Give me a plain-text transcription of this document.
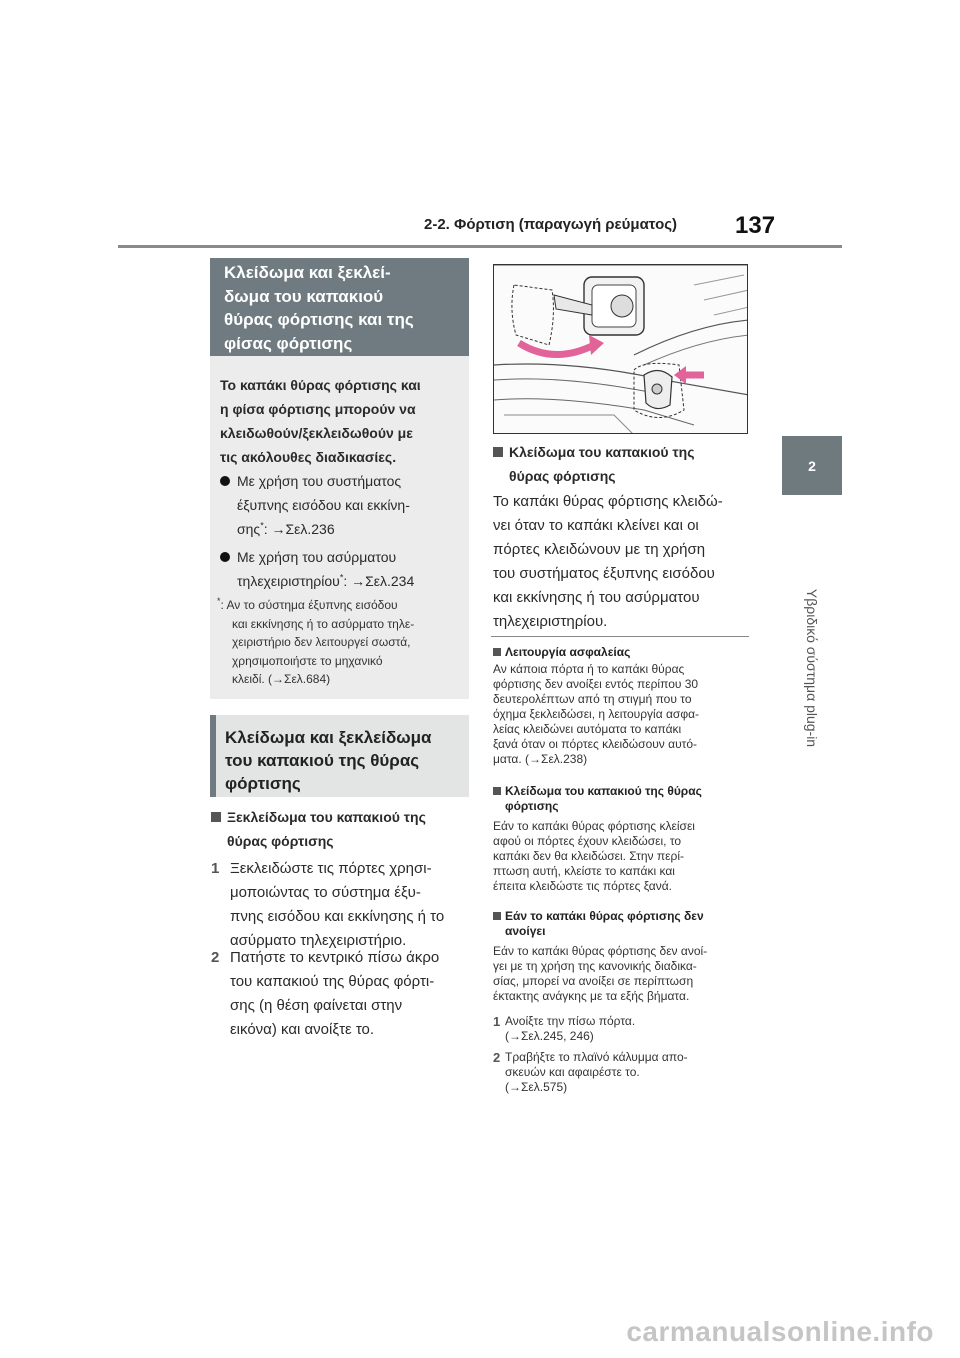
2-2. Φόρτιση (παραγωγή ρεύματος) 137
2
Υβριδικό σύστημα plug-in
Κλείδωμα και ξεκλεί-
δωμα του καπακιού
θύρας φόρτισης και της
φίσας φόρτισης
Το καπάκι θύρας φόρτισης και
η φίσα φόρτισης μπορούν να
κλειδωθούν/ξεκλειδωθούν με
τις ακόλουθες διαδικασίες.
Με χρήση του συστήματος
έξυπνης εισόδου και εκκίνη-
σης*: →Σελ.236
Με χρήση του ασύρματου
τηλεχειριστηρίου*: →Σελ.234
*: Αν το σύστημα έξυπνης εισόδου
και εκκίνησης ή το ασύρματο τηλε-
χειριστήριο δεν λειτουργεί σωστά,
χρησιμοποιήστε το μηχανικό
κλειδί. (→Σελ.684)
Κλείδωμα και ξεκλείδωμα
του καπακιού της θύρας
φόρτισης
Ξεκλείδωμα του καπακιού της
θύρας φόρτισης
1 Ξεκλειδώστε τις πόρτες χρησι-
μοποιώντας το σύστημα έξυ-
πνης εισόδου και εκκίνησης ή το
ασύρματο τηλεχειριστήριο.
2 Πατήστε το κεντρικό πίσω άκρο
του καπακιού της θύρας φόρτι-
σης (η θέση φαίνεται στην
εικόνα) και ανοίξτε το.
Κλείδωμα του καπακιού της
θύρας φόρτισης
Το καπάκι θύρας φόρτισης κλειδώ-
νει όταν το καπάκι κλείνει και οι
πόρτες κλειδώνουν με τη χρήση
του συστήματος έξυπνης εισόδου
και εκκίνησης ή του ασύρματου
τηλεχειριστηρίου.
Λειτουργία ασφαλείας
Αν κάποια πόρτα ή το καπάκι θύρας
φόρτισης δεν ανοίξει εντός περίπου 30
δευτερολέπτων από τη στιγμή που το
όχημα ξεκλειδώσει, η λειτουργία ασφα-
λείας κλειδώνει αυτόματα το καπάκι
ξανά όταν οι πόρτες κλειδώσουν αυτό-
ματα. (→Σελ.238)
Κλείδωμα του καπακιού της θύρας
φόρτισης
Εάν το καπάκι θύρας φόρτισης κλείσει
αφού οι πόρτες έχουν κλειδώσει, το
καπάκι δεν θα κλειδώσει. Στην περί-
πτωση αυτή, κλείστε το καπάκι και
έπειτα κλειδώστε τις πόρτες ξανά.
Εάν το καπάκι θύρας φόρτισης δεν
ανοίγει
Εάν το καπάκι θύρας φόρτισης δεν ανοί-
γει με τη χρήση της κανονικής διαδικα-
σίας, μπορεί να ανοίξει σε περίπτωση
έκτακτης ανάγκης με τα εξής βήματα.
1 Ανοίξτε την πίσω πόρτα.
(→Σελ.245, 246)
2 Τραβήξτε το πλαϊνό κάλυμμα απο-
σκευών και αφαιρέστε το.
(→Σελ.575)
carmanualsonline.info
